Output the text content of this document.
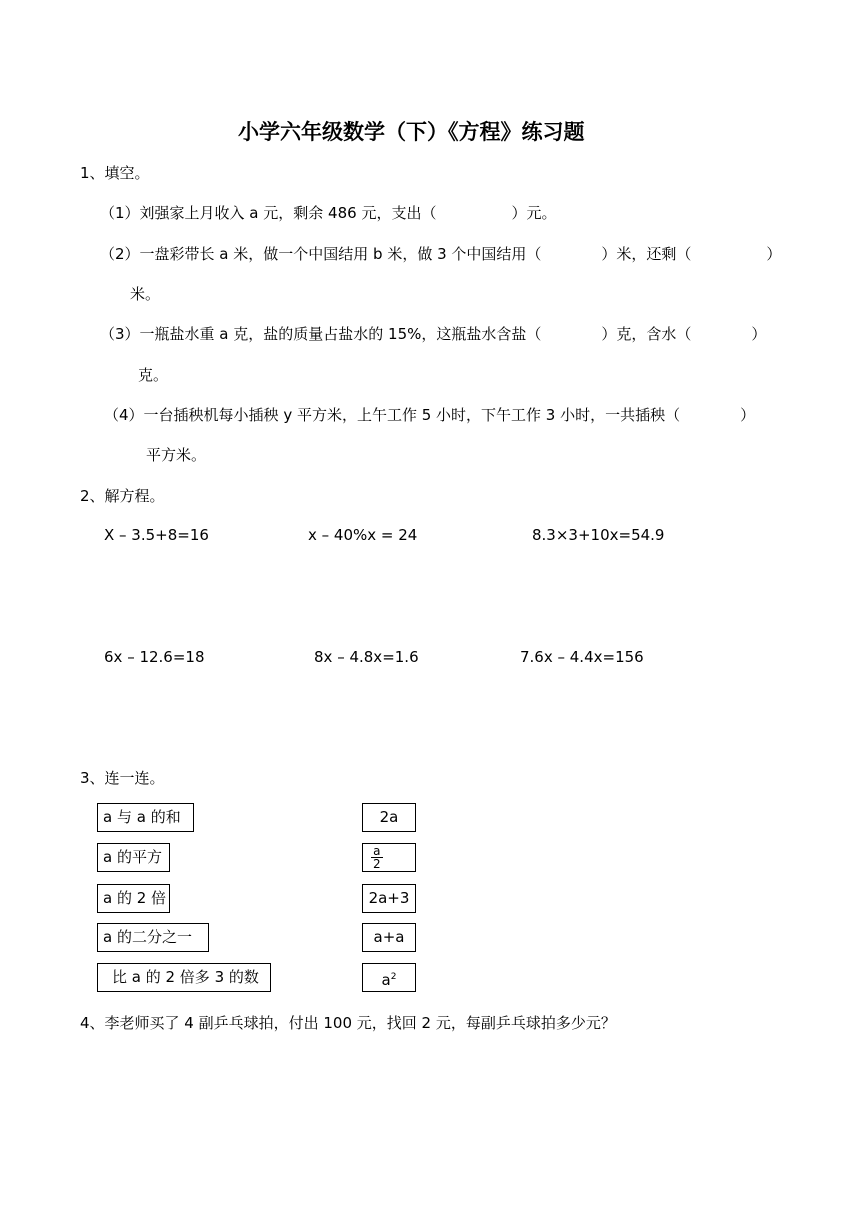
小学六年级数学（下）《方程》练习题
1、填空。
（1）刘强家上月收入 a 元，剩余 486 元，支出（　　　　　）元。
（2）一盘彩带长 a 米，做一个中国结用 b 米，做 3 个中国结用（　　　　）米，还剩（　　　　　）
米。
（3）一瓶盐水重 a 克，盐的质量占盐水的 15%，这瓶盐水含盐（　　　　）克，含水（　　　　）
克。
（4）一台插秧机每小插秧 y 平方米，上午工作 5 小时，下午工作 3 小时，一共插秧（　　　　）
平方米。
2、解方程。
X – 3.5+8=16	x – 40%x = 24	8.3×3+10x=54.9
6x – 12.6=18	8x – 4.8x=1.6	7.6x – 4.4x=156
3、连一连。
a 与 a 的和
a 的平方
a 的 2 倍
a 的二分之一
比 a 的 2 倍多 3 的数
2a
$\frac{a}{2}$
2a+3
a+a
$a^2$
4、李老师买了 4 副乒乓球拍，付出 100 元，找回 2 元，每副乒乓球拍多少元？
